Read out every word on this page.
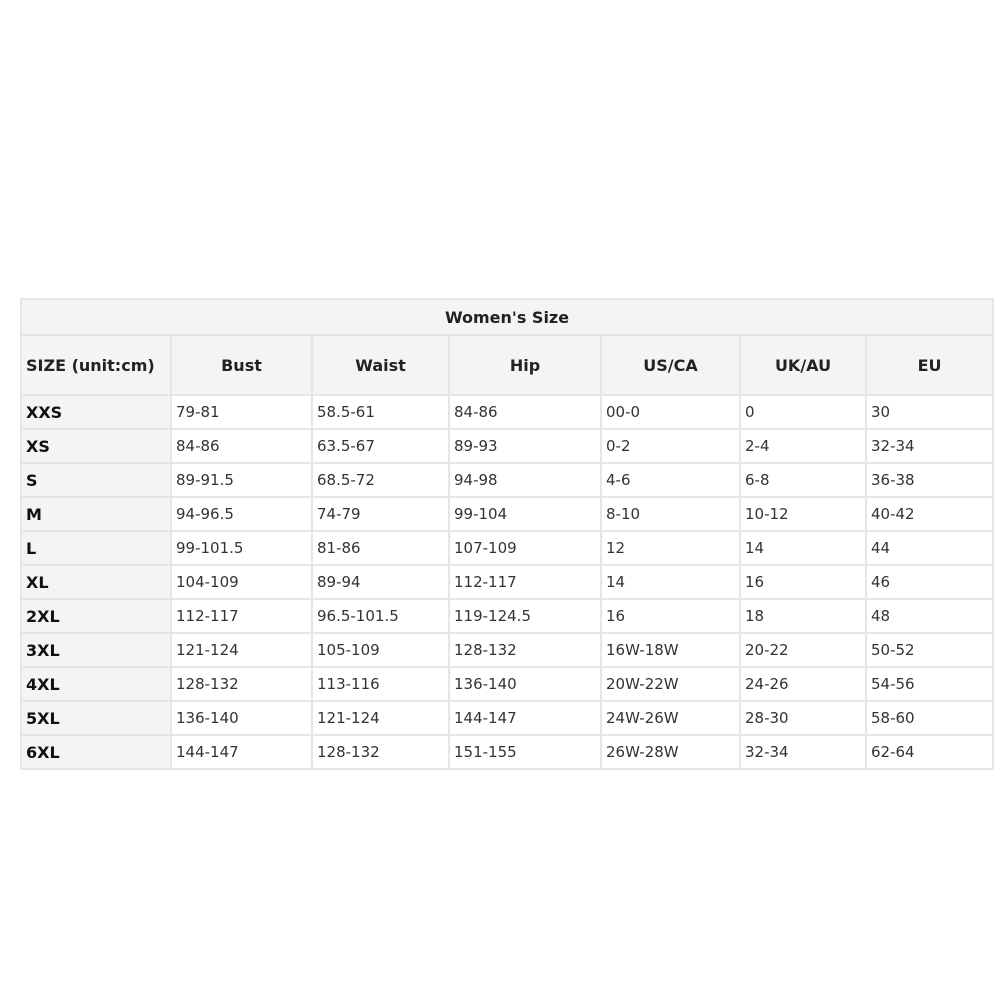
Women's Size						
SIZE (unit:cm)	Bust	Waist	Hip	US/CA	UK/AU	EU
XXS	79-81	58.5-61	84-86	00-0	0	30
XS	84-86	63.5-67	89-93	0-2	2-4	32-34
S	89-91.5	68.5-72	94-98	4-6	6-8	36-38
M	94-96.5	74-79	99-104	8-10	10-12	40-42
L	99-101.5	81-86	107-109	12	14	44
XL	104-109	89-94	112-117	14	16	46
2XL	112-117	96.5-101.5	119-124.5	16	18	48
3XL	121-124	105-109	128-132	16W-18W	20-22	50-52
4XL	128-132	113-116	136-140	20W-22W	24-26	54-56
5XL	136-140	121-124	144-147	24W-26W	28-30	58-60
6XL	144-147	128-132	151-155	26W-28W	32-34	62-64
